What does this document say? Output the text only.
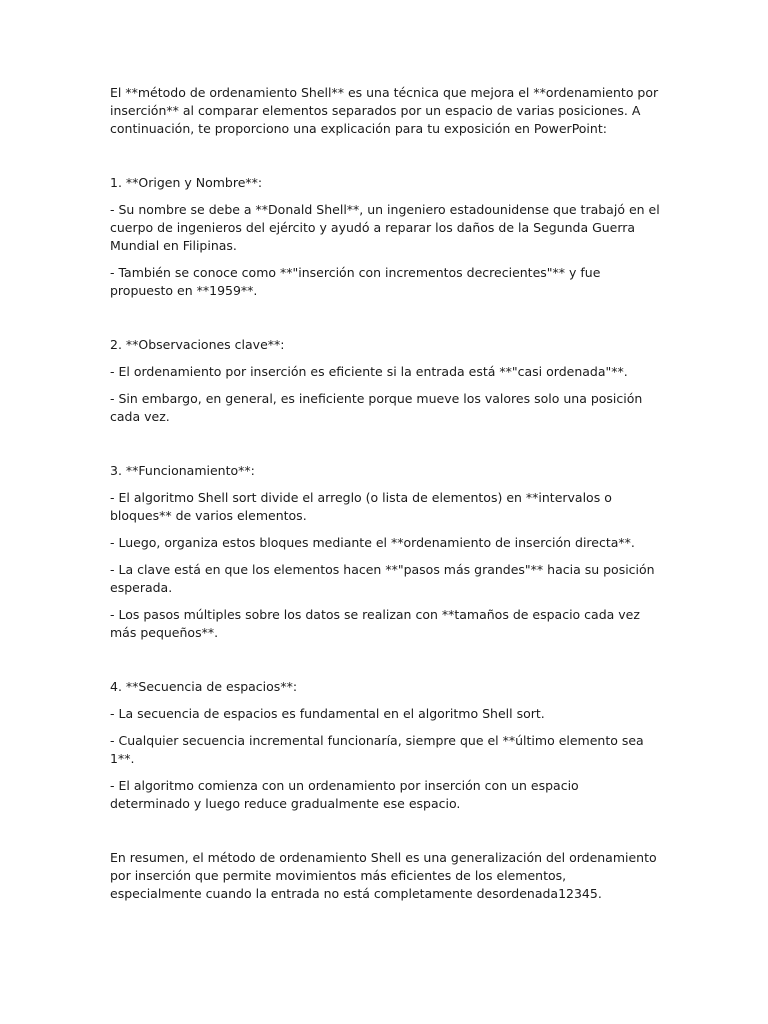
El **método de ordenamiento Shell** es una técnica que mejora el **ordenamiento por inserción** al comparar elementos separados por un espacio de varias posiciones. A continuación, te proporciono una explicación para tu exposición en PowerPoint:

1. **Origen y Nombre**:

- Su nombre se debe a **Donald Shell**, un ingeniero estadounidense que trabajó en el cuerpo de ingenieros del ejército y ayudó a reparar los daños de la Segunda Guerra Mundial en Filipinas.

- También se conoce como **"inserción con incrementos decrecientes"** y fue propuesto en **1959**.

2. **Observaciones clave**:

- El ordenamiento por inserción es eficiente si la entrada está **"casi ordenada"**.

- Sin embargo, en general, es ineficiente porque mueve los valores solo una posición cada vez.

3. **Funcionamiento**:

- El algoritmo Shell sort divide el arreglo (o lista de elementos) en **intervalos o bloques** de varios elementos.

- Luego, organiza estos bloques mediante el **ordenamiento de inserción directa**.

- La clave está en que los elementos hacen **"pasos más grandes"** hacia su posición esperada.

- Los pasos múltiples sobre los datos se realizan con **tamaños de espacio cada vez más pequeños**.

4. **Secuencia de espacios**:

- La secuencia de espacios es fundamental en el algoritmo Shell sort.

- Cualquier secuencia incremental funcionaría, siempre que el **último elemento sea 1**.

- El algoritmo comienza con un ordenamiento por inserción con un espacio determinado y luego reduce gradualmente ese espacio.

En resumen, el método de ordenamiento Shell es una generalización del ordenamiento por inserción que permite movimientos más eficientes de los elementos, especialmente cuando la entrada no está completamente desordenada12345.
